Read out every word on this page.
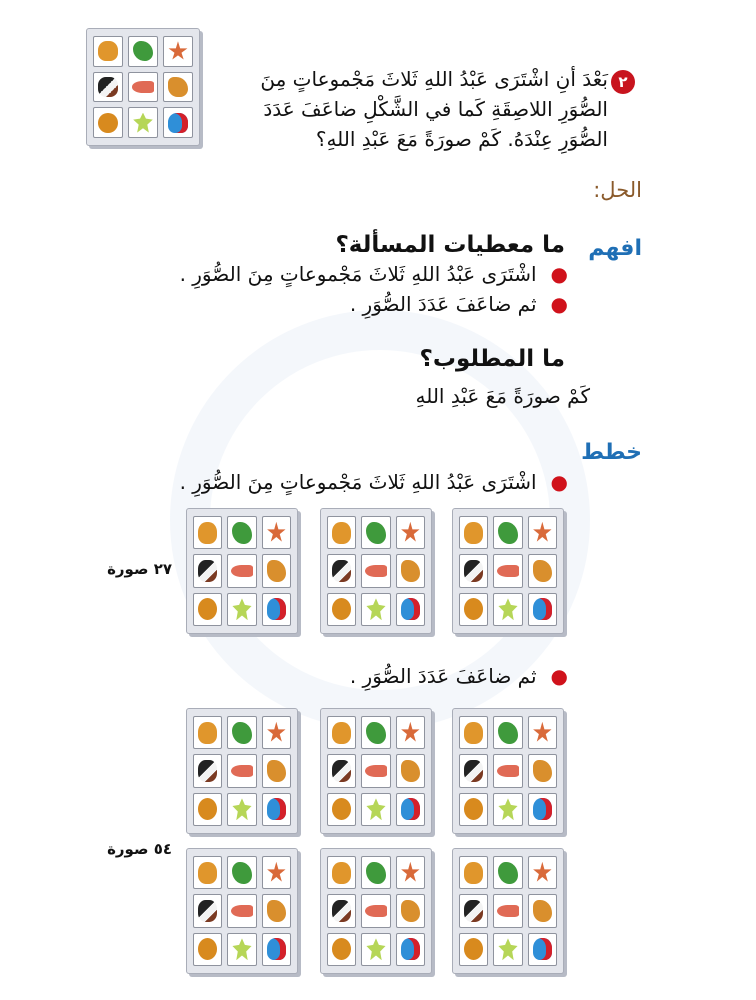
٢
بَعْدَ أنِ اشْتَرَى عَبْدُ اللهِ ثَلاثَ مَجْموعاتٍ مِنَ الصُّوَرِ اللاصِقَةِ كَما في الشَّكْلِ ضاعَفَ عَدَدَ الصُّوَرِ عِنْدَهُ. كَمْ صورَةً مَعَ عَبْدِ اللهِ؟
الحل:
افهم
ما معطيات المسألة؟
●اشْتَرَى عَبْدُ اللهِ ثَلاثَ مَجْموعاتٍ مِنَ الصُّوَرِ .
●ثم ضاعَفَ عَدَدَ الصُّوَرِ .
ما المطلوب؟
كَمْ صورَةً مَعَ عَبْدِ اللهِ
خطط
●اشْتَرَى عَبْدُ اللهِ ثَلاثَ مَجْموعاتٍ مِنَ الصُّوَرِ .
٢٧ صورة
●ثم ضاعَفَ عَدَدَ الصُّوَرِ .
٥٤ صورة
